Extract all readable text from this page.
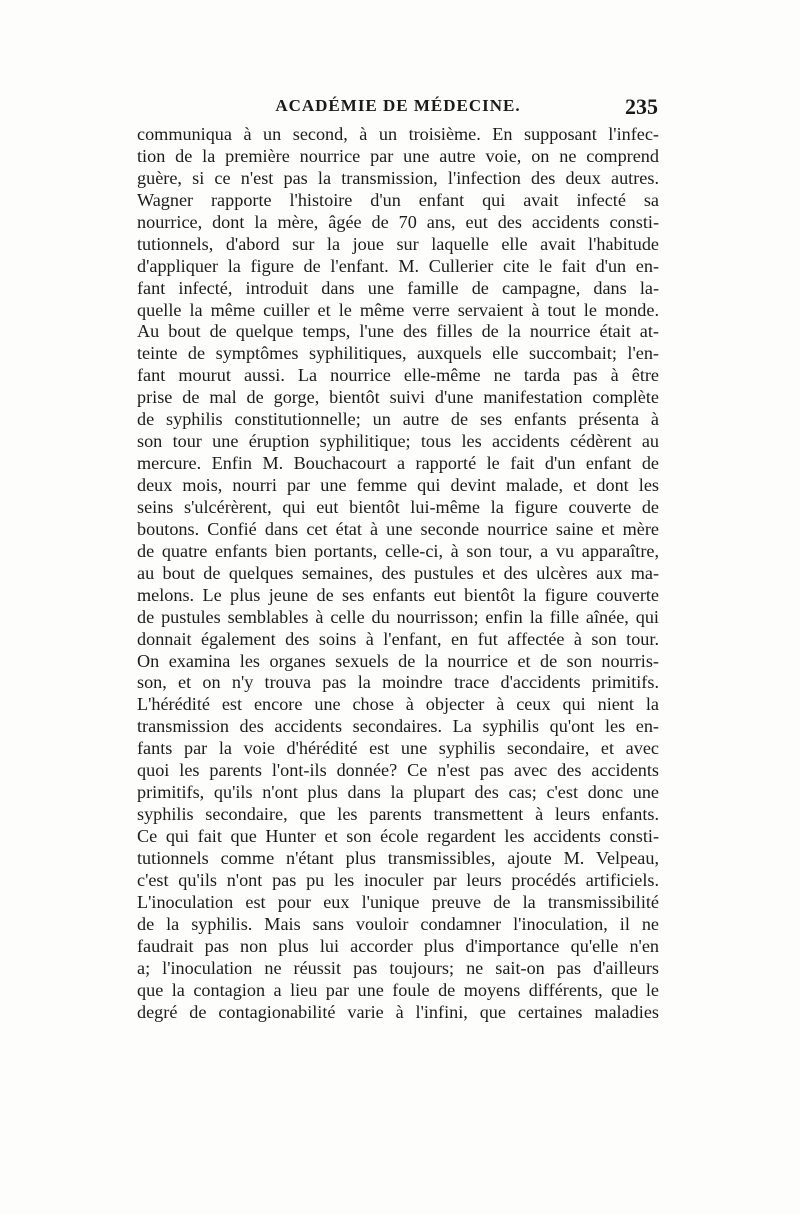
ACADÉMIE DE MÉDECINE.	235
communiqua à un second, à un troisième. En supposant l'infec-
tion de la première nourrice par une autre voie, on ne comprend
guère, si ce n'est pas la transmission, l'infection des deux autres.
Wagner rapporte l'histoire d'un enfant qui avait infecté sa
nourrice, dont la mère, âgée de 70 ans, eut des accidents consti-
tutionnels, d'abord sur la joue sur laquelle elle avait l'habitude
d'appliquer la figure de l'enfant. M. Cullerier cite le fait d'un en-
fant infecté, introduit dans une famille de campagne, dans la-
quelle la même cuiller et le même verre servaient à tout le monde.
Au bout de quelque temps, l'une des filles de la nourrice était at-
teinte de symptômes syphilitiques, auxquels elle succombait; l'en-
fant mourut aussi. La nourrice elle-même ne tarda pas à être
prise de mal de gorge, bientôt suivi d'une manifestation complète
de syphilis constitutionnelle; un autre de ses enfants présenta à
son tour une éruption syphilitique; tous les accidents cédèrent au
mercure. Enfin M. Bouchacourt a rapporté le fait d'un enfant de
deux mois, nourri par une femme qui devint malade, et dont les
seins s'ulcérèrent, qui eut bientôt lui-même la figure couverte de
boutons. Confié dans cet état à une seconde nourrice saine et mère
de quatre enfants bien portants, celle-ci, à son tour, a vu apparaître,
au bout de quelques semaines, des pustules et des ulcères aux ma-
melons. Le plus jeune de ses enfants eut bientôt la figure couverte
de pustules semblables à celle du nourrisson; enfin la fille aînée, qui
donnait également des soins à l'enfant, en fut affectée à son tour.
On examina les organes sexuels de la nourrice et de son nourris-
son, et on n'y trouva pas la moindre trace d'accidents primitifs.
L'hérédité est encore une chose à objecter à ceux qui nient la
transmission des accidents secondaires. La syphilis qu'ont les en-
fants par la voie d'hérédité est une syphilis secondaire, et avec
quoi les parents l'ont-ils donnée? Ce n'est pas avec des accidents
primitifs, qu'ils n'ont plus dans la plupart des cas; c'est donc une
syphilis secondaire, que les parents transmettent à leurs enfants.
Ce qui fait que Hunter et son école regardent les accidents consti-
tutionnels comme n'étant plus transmissibles, ajoute M. Velpeau,
c'est qu'ils n'ont pas pu les inoculer par leurs procédés artificiels.
L'inoculation est pour eux l'unique preuve de la transmissibilité
de la syphilis. Mais sans vouloir condamner l'inoculation, il ne
faudrait pas non plus lui accorder plus d'importance qu'elle n'en
a; l'inoculation ne réussit pas toujours; ne sait-on pas d'ailleurs
que la contagion a lieu par une foule de moyens différents, que le
degré de contagionabilité varie à l'infini, que certaines maladies
